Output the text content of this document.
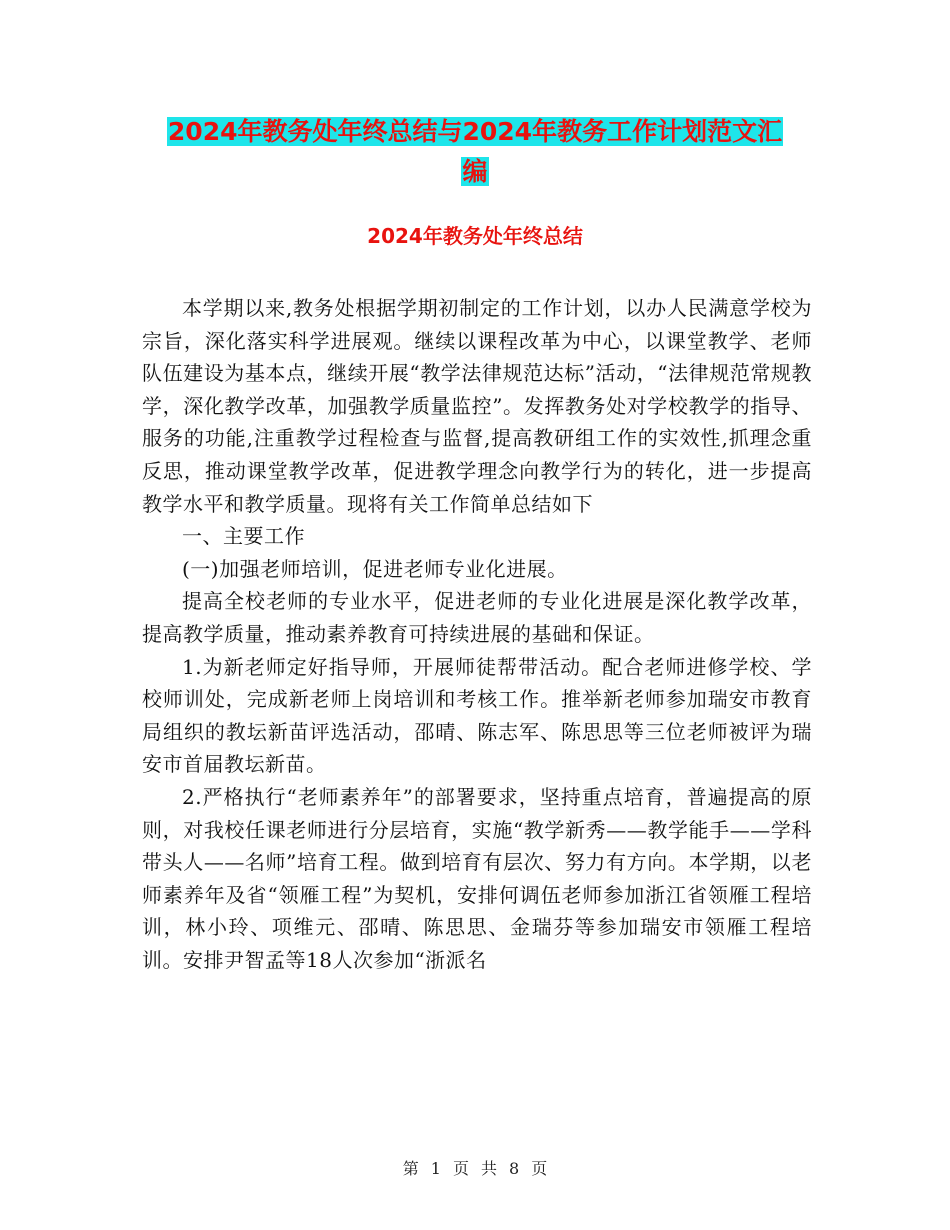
2024年教务处年终总结与2024年教务工作计划范文汇
编
2024年教务处年终总结

本学期以来,教务处根据学期初制定的工作计划，以办人民满意学校为宗旨，深化落实科学进展观。继续以课程改革为中心，以课堂教学、老师队伍建设为基本点，继续开展“教学法律规范达标”活动，“法律规范常规教学，深化教学改革，加强教学质量监控”。发挥教务处对学校教学的指导、服务的功能,注重教学过程检查与监督,提高教研组工作的实效性,抓理念重反思，推动课堂教学改革，促进教学理念向教学行为的转化，进一步提高教学水平和教学质量。现将有关工作简单总结如下

一、主要工作

(一)加强老师培训，促进老师专业化进展。

提高全校老师的专业水平，促进老师的专业化进展是深化教学改革，提高教学质量，推动素养教育可持续进展的基础和保证。

1.为新老师定好指导师，开展师徒帮带活动。配合老师进修学校、学校师训处，完成新老师上岗培训和考核工作。推举新老师参加瑞安市教育局组织的教坛新苗评选活动，邵晴、陈志军、陈思思等三位老师被评为瑞安市首届教坛新苗。

2.严格执行“老师素养年”的部署要求，坚持重点培育，普遍提高的原则，对我校任课老师进行分层培育，实施“教学新秀——教学能手——学科带头人——名师”培育工程。做到培育有层次、努力有方向。本学期，以老师素养年及省“领雁工程”为契机，安排何调伍老师参加浙江省领雁工程培训，林小玲、项维元、邵晴、陈思思、金瑞芬等参加瑞安市领雁工程培训。安排尹智孟等18人次参加“浙派名

第 1 页 共 8 页
